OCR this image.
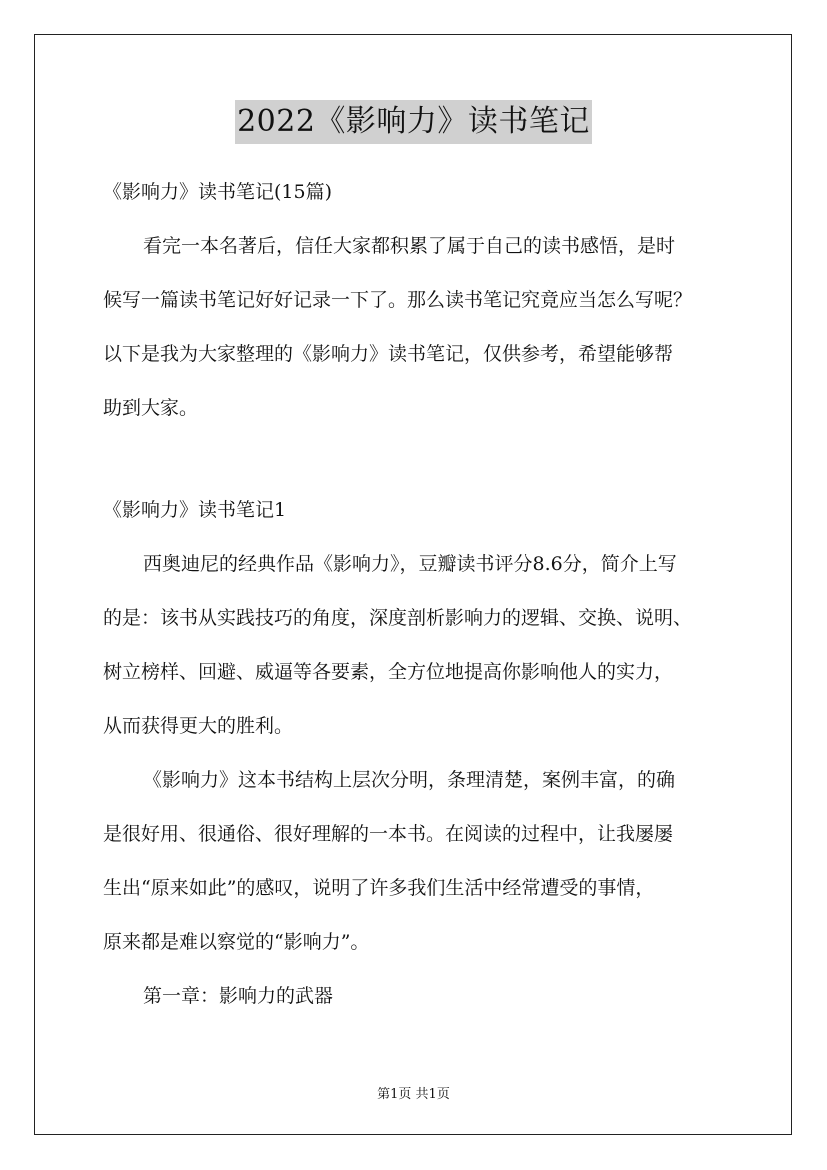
2022《影响力》读书笔记
《影响力》读书笔记(15篇)
看完一本名著后，信任大家都积累了属于自己的读书感悟，是时
候写一篇读书笔记好好记录一下了。那么读书笔记究竟应当怎么写呢？
以下是我为大家整理的《影响力》读书笔记，仅供参考，希望能够帮
助到大家。
《影响力》读书笔记1
西奥迪尼的经典作品《影响力》，豆瓣读书评分8.6分，简介上写
的是：该书从实践技巧的角度，深度剖析影响力的逻辑、交换、说明、
树立榜样、回避、威逼等各要素，全方位地提高你影响他人的实力，
从而获得更大的胜利。
《影响力》这本书结构上层次分明，条理清楚，案例丰富，的确
是很好用、很通俗、很好理解的一本书。在阅读的过程中，让我屡屡
生出“原来如此”的感叹，说明了许多我们生活中经常遭受的事情，
原来都是难以察觉的“影响力”。
第一章：影响力的武器
第1页 共1页
